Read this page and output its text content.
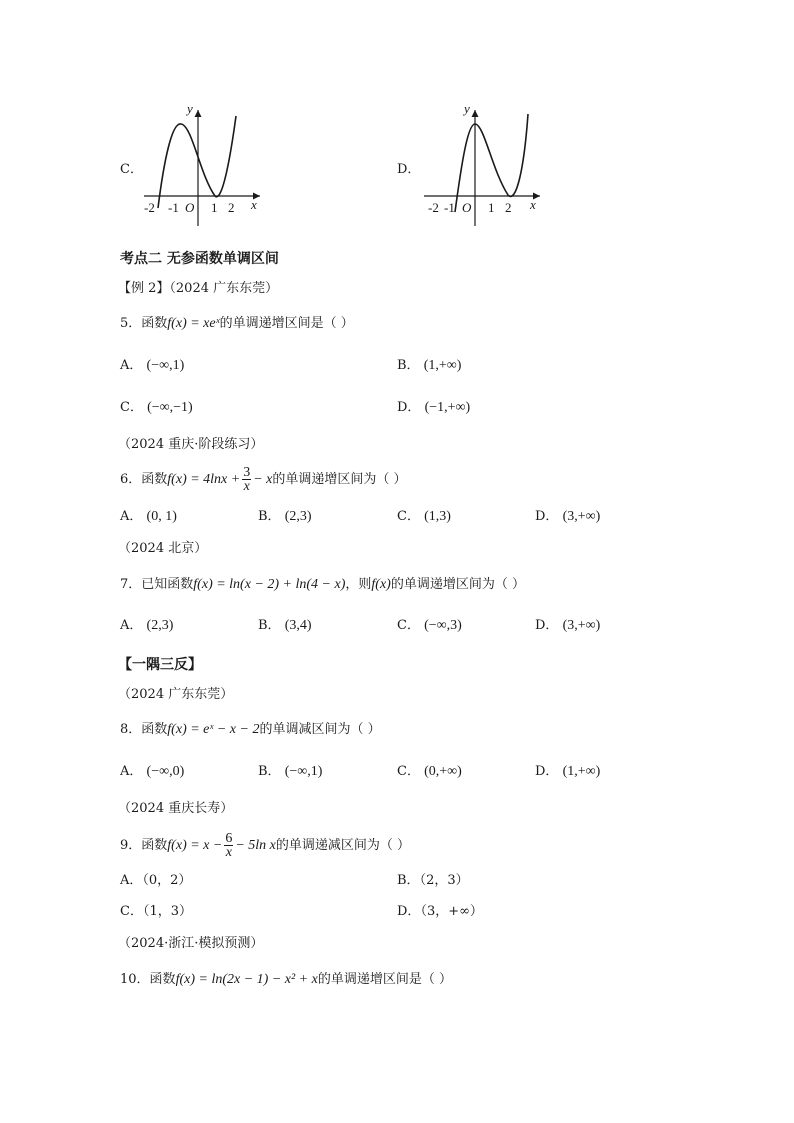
C．
y
x
-2 -1 O 1 2
D．
y
x
-2 -1 O 1 2
考点二 无参函数单调区间
【例 2】（2024 广东东莞）
5．函数f(x) = xeˣ的单调递增区间是（ ）
A． (−∞,1)	B． (1,+∞)
C． (−∞,−1)	D． (−1,+∞)
（2024 重庆·阶段练习）
6．函数$f(x) = 4\ln x + \frac{3}{x} - x$的单调递增区间为（ ）
A． (0, 1)	B． (2,3)	C． (1,3)	D． (3,+∞)
（2024 北京）
7．已知函数f(x) = ln(x − 2) + ln(4 − x)，则f(x)的单调递增区间为（ ）
A． (2,3)	B． (3,4)	C． (−∞,3)	D． (3,+∞)
【一隅三反】
（2024 广东东莞）
8．函数f(x) = eˣ − x − 2的单调减区间为（ ）
A． (−∞,0)	B． (−∞,1)	C． (0,+∞)	D． (1,+∞)
（2024 重庆长寿）
9．函数$f(x) = x - \frac{6}{x} - 5\ln$ x的单调递减区间为（ ）
A．（0，2）	B．（2，3）
C．（1，3）	D．（3，+∞）
（2024·浙江·模拟预测）
10．函数f(x) = ln(2x − 1) − x² + x的单调递增区间是（ ）
